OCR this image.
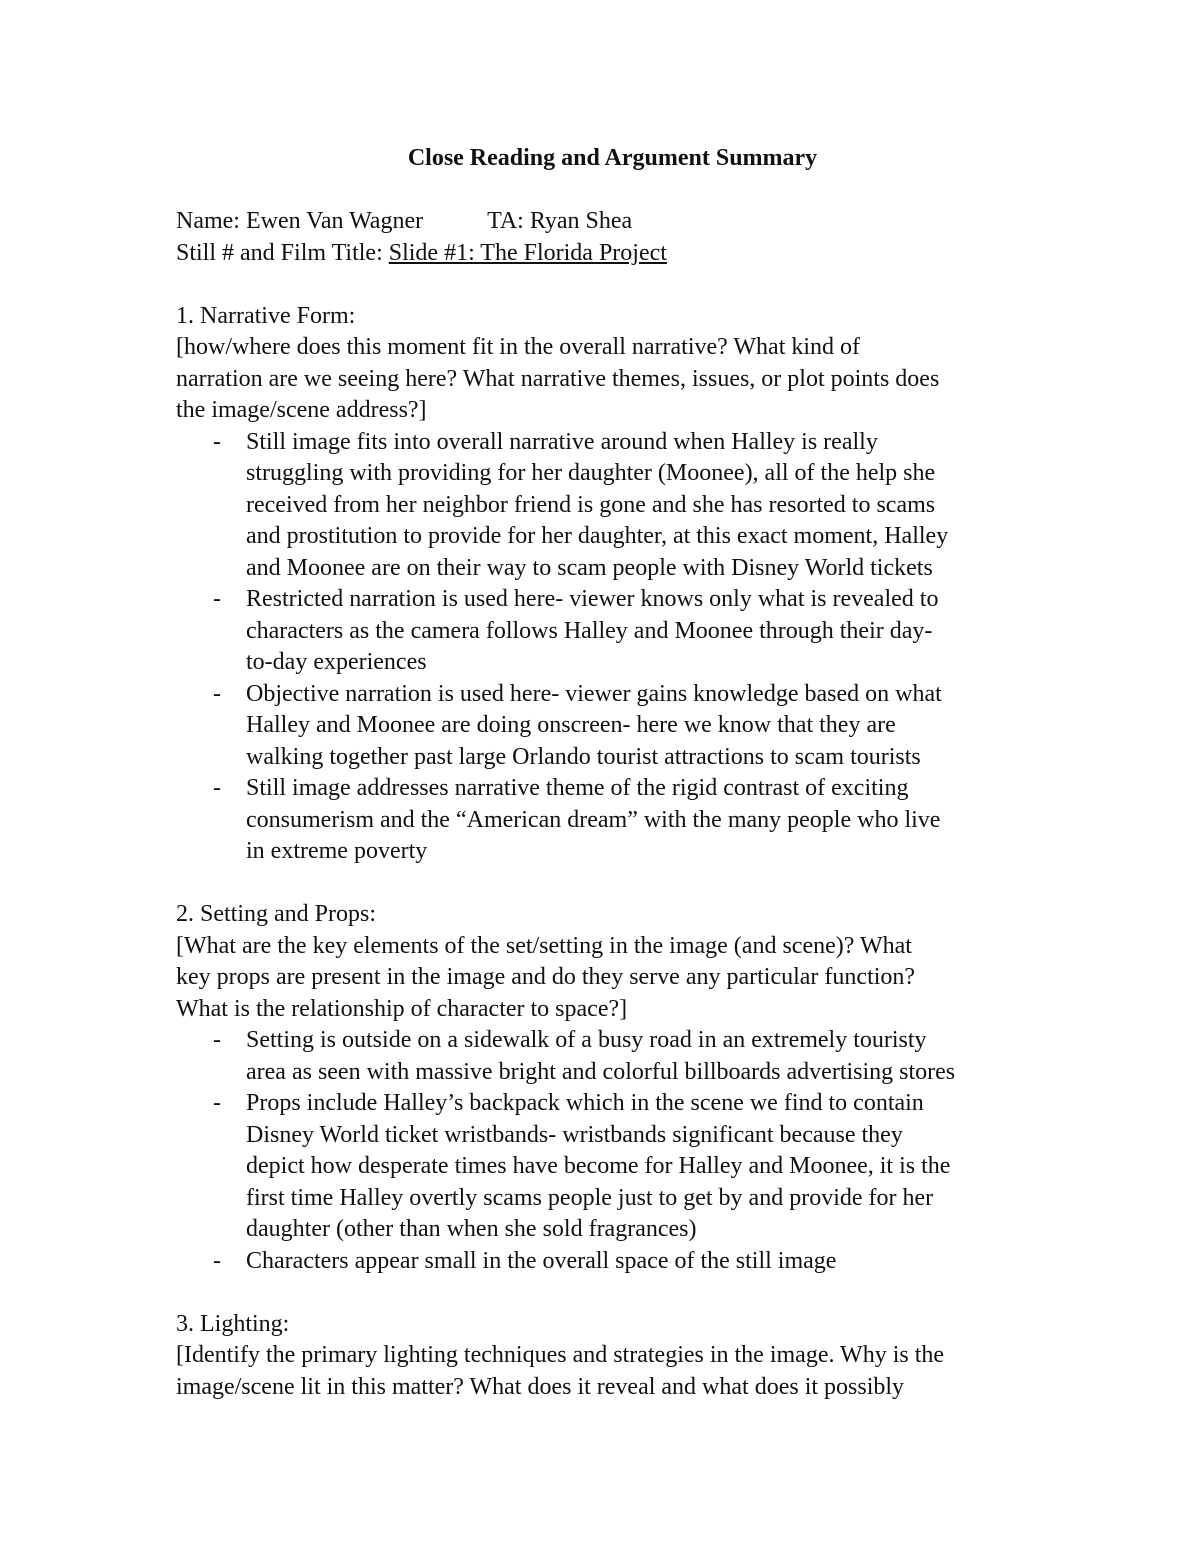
Close Reading and Argument Summary
Name: Ewen Van Wagner	TA: Ryan Shea
Still # and Film Title: Slide #1: The Florida Project
1. Narrative Form:
[how/where does this moment fit in the overall narrative? What kind of
narration are we seeing here? What narrative themes, issues, or plot points does
the image/scene address?]
- Still image fits into overall narrative around when Halley is really
struggling with providing for her daughter (Moonee), all of the help she
received from her neighbor friend is gone and she has resorted to scams
and prostitution to provide for her daughter, at this exact moment, Halley
and Moonee are on their way to scam people with Disney World tickets
- Restricted narration is used here- viewer knows only what is revealed to
characters as the camera follows Halley and Moonee through their day-
to-day experiences
- Objective narration is used here- viewer gains knowledge based on what
Halley and Moonee are doing onscreen- here we know that they are
walking together past large Orlando tourist attractions to scam tourists
- Still image addresses narrative theme of the rigid contrast of exciting
consumerism and the “American dream” with the many people who live
in extreme poverty
2. Setting and Props:
[What are the key elements of the set/setting in the image (and scene)? What
key props are present in the image and do they serve any particular function?
What is the relationship of character to space?]
- Setting is outside on a sidewalk of a busy road in an extremely touristy
area as seen with massive bright and colorful billboards advertising stores
- Props include Halley’s backpack which in the scene we find to contain
Disney World ticket wristbands- wristbands significant because they
depict how desperate times have become for Halley and Moonee, it is the
first time Halley overtly scams people just to get by and provide for her
daughter (other than when she sold fragrances)
- Characters appear small in the overall space of the still image
3. Lighting:
[Identify the primary lighting techniques and strategies in the image. Why is the
image/scene lit in this matter? What does it reveal and what does it possibly
